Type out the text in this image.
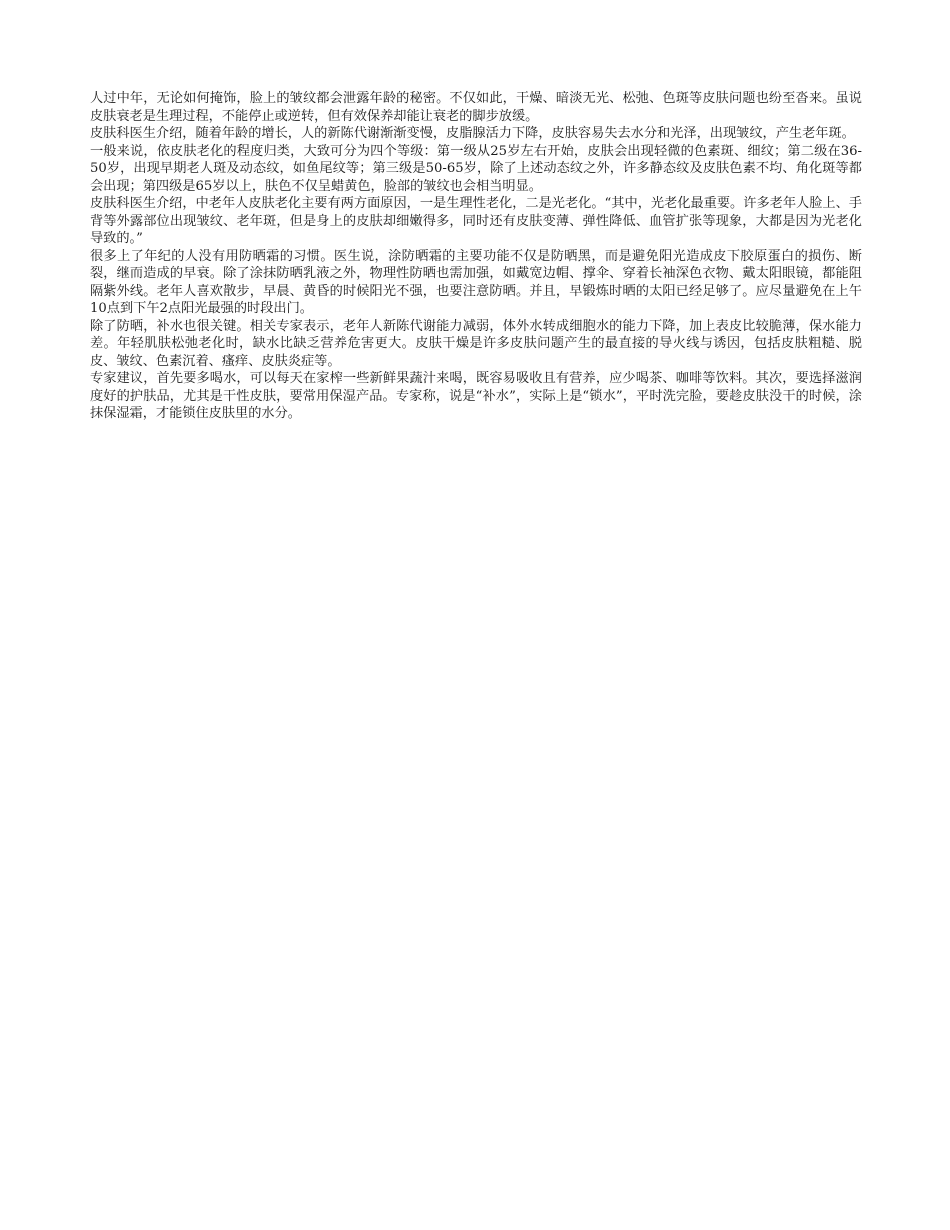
人过中年，无论如何掩饰，脸上的皱纹都会泄露年龄的秘密。不仅如此，干燥、暗淡无光、松弛、色斑等皮肤问题也纷至沓来。虽说皮肤衰老是生理过程，不能停止或逆转，但有效保养却能让衰老的脚步放缓。

皮肤科医生介绍，随着年龄的增长，人的新陈代谢渐渐变慢，皮脂腺活力下降，皮肤容易失去水分和光泽，出现皱纹，产生老年斑。

一般来说，依皮肤老化的程度归类，大致可分为四个等级：第一级从25岁左右开始，皮肤会出现轻微的色素斑、细纹；第二级在36-50岁，出现早期老人斑及动态纹，如鱼尾纹等；第三级是50-65岁，除了上述动态纹之外，许多静态纹及皮肤色素不均、角化斑等都会出现；第四级是65岁以上，肤色不仅呈蜡黄色，脸部的皱纹也会相当明显。

皮肤科医生介绍，中老年人皮肤老化主要有两方面原因，一是生理性老化，二是光老化。“其中，光老化最重要。许多老年人脸上、手背等外露部位出现皱纹、老年斑，但是身上的皮肤却细嫩得多，同时还有皮肤变薄、弹性降低、血管扩张等现象，大都是因为光老化导致的。”

很多上了年纪的人没有用防晒霜的习惯。医生说，涂防晒霜的主要功能不仅是防晒黑，而是避免阳光造成皮下胶原蛋白的损伤、断裂，继而造成的早衰。除了涂抹防晒乳液之外，物理性防晒也需加强，如戴宽边帽、撑伞、穿着长袖深色衣物、戴太阳眼镜，都能阻隔紫外线。老年人喜欢散步，早晨、黄昏的时候阳光不强，也要注意防晒。并且，早锻炼时晒的太阳已经足够了。应尽量避免在上午10点到下午2点阳光最强的时段出门。

除了防晒，补水也很关键。相关专家表示，老年人新陈代谢能力减弱，体外水转成细胞水的能力下降，加上表皮比较脆薄，保水能力差。年轻肌肤松弛老化时，缺水比缺乏营养危害更大。皮肤干燥是许多皮肤问题产生的最直接的导火线与诱因，包括皮肤粗糙、脱皮、皱纹、色素沉着、瘙痒、皮肤炎症等。

专家建议，首先要多喝水，可以每天在家榨一些新鲜果蔬汁来喝，既容易吸收且有营养，应少喝茶、咖啡等饮料。其次，要选择滋润度好的护肤品，尤其是干性皮肤，要常用保湿产品。专家称，说是“补水”，实际上是“锁水”，平时洗完脸，要趁皮肤没干的时候，涂抹保湿霜，才能锁住皮肤里的水分。
